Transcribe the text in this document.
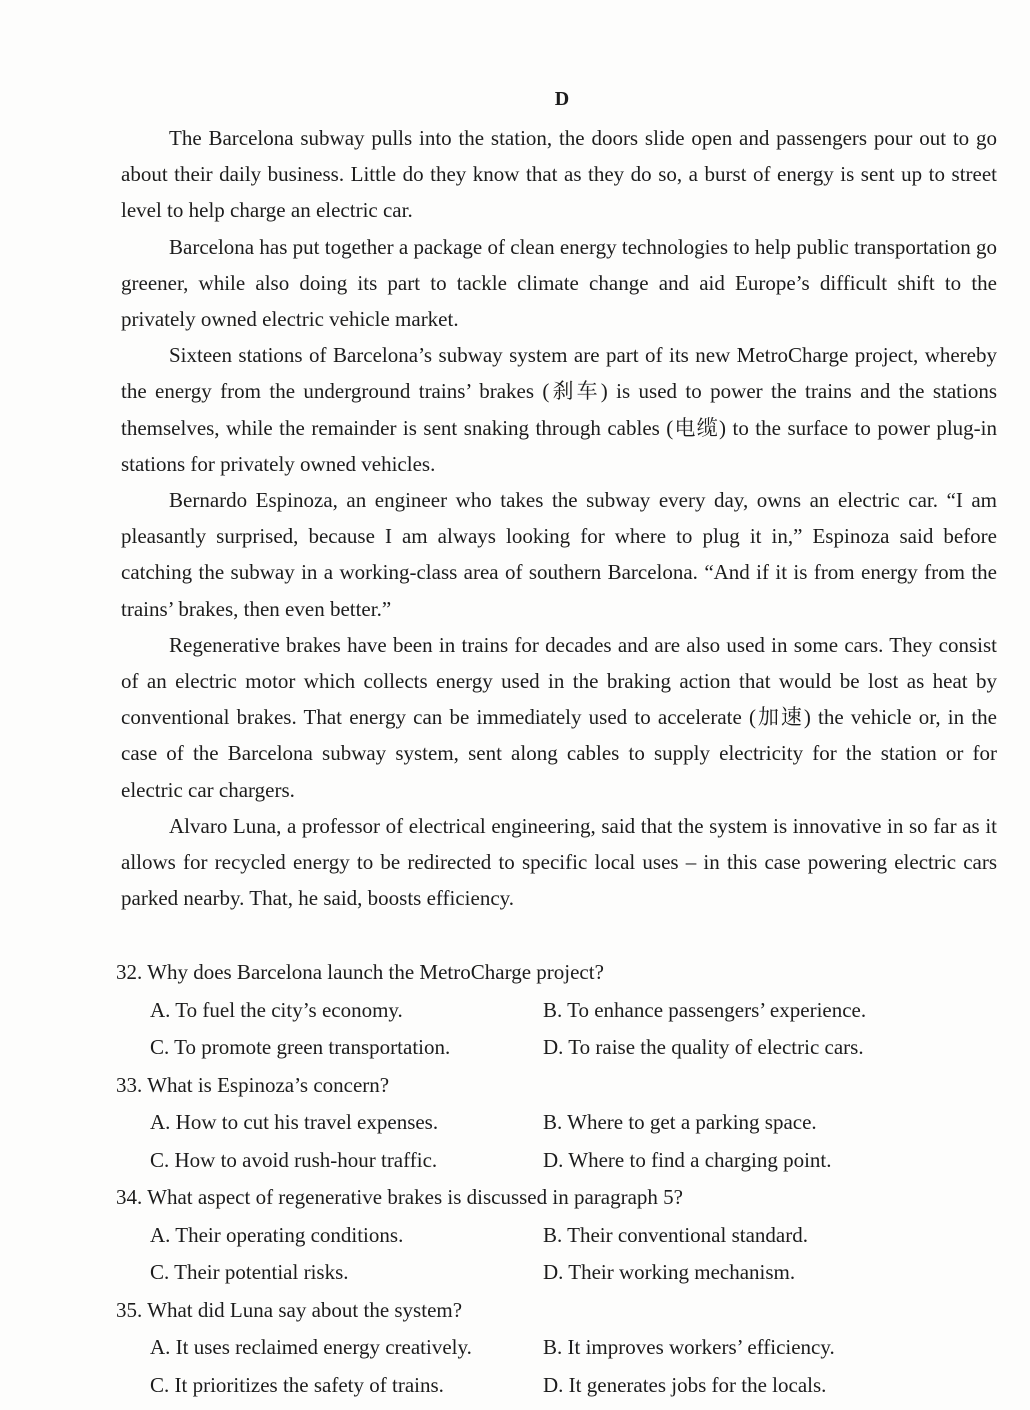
D

The Barcelona subway pulls into the station, the doors slide open and passengers pour out to go about their daily business. Little do they know that as they do so, a burst of energy is sent up to street level to help charge an electric car.

Barcelona has put together a package of clean energy technologies to help public transportation go greener, while also doing its part to tackle climate change and aid Europe’s difficult shift to the privately owned electric vehicle market.

Sixteen stations of Barcelona’s subway system are part of its new MetroCharge project, whereby the energy from the underground trains’ brakes (刹车) is used to power the trains and the stations themselves, while the remainder is sent snaking through cables (电缆) to the surface to power plug-in stations for privately owned vehicles.

Bernardo Espinoza, an engineer who takes the subway every day, owns an electric car. “I am pleasantly surprised, because I am always looking for where to plug it in,” Espinoza said before catching the subway in a working-class area of southern Barcelona. “And if it is from energy from the trains’ brakes, then even better.”

Regenerative brakes have been in trains for decades and are also used in some cars. They consist of an electric motor which collects energy used in the braking action that would be lost as heat by conventional brakes. That energy can be immediately used to accelerate (加速) the vehicle or, in the case of the Barcelona subway system, sent along cables to supply electricity for the station or for electric car chargers.

Alvaro Luna, a professor of electrical engineering, said that the system is innovative in so far as it allows for recycled energy to be redirected to specific local uses – in this case powering electric cars parked nearby. That, he said, boosts efficiency.

32. Why does Barcelona launch the MetroCharge project?
A. To fuel the city’s economy.	B. To enhance passengers’ experience.
C. To promote green transportation.	D. To raise the quality of electric cars.
33. What is Espinoza’s concern?
A. How to cut his travel expenses.	B. Where to get a parking space.
C. How to avoid rush-hour traffic.	D. Where to find a charging point.
34. What aspect of regenerative brakes is discussed in paragraph 5?
A. Their operating conditions.	B. Their conventional standard.
C. Their potential risks.	D. Their working mechanism.
35. What did Luna say about the system?
A. It uses reclaimed energy creatively.	B. It improves workers’ efficiency.
C. It prioritizes the safety of trains.	D. It generates jobs for the locals.
